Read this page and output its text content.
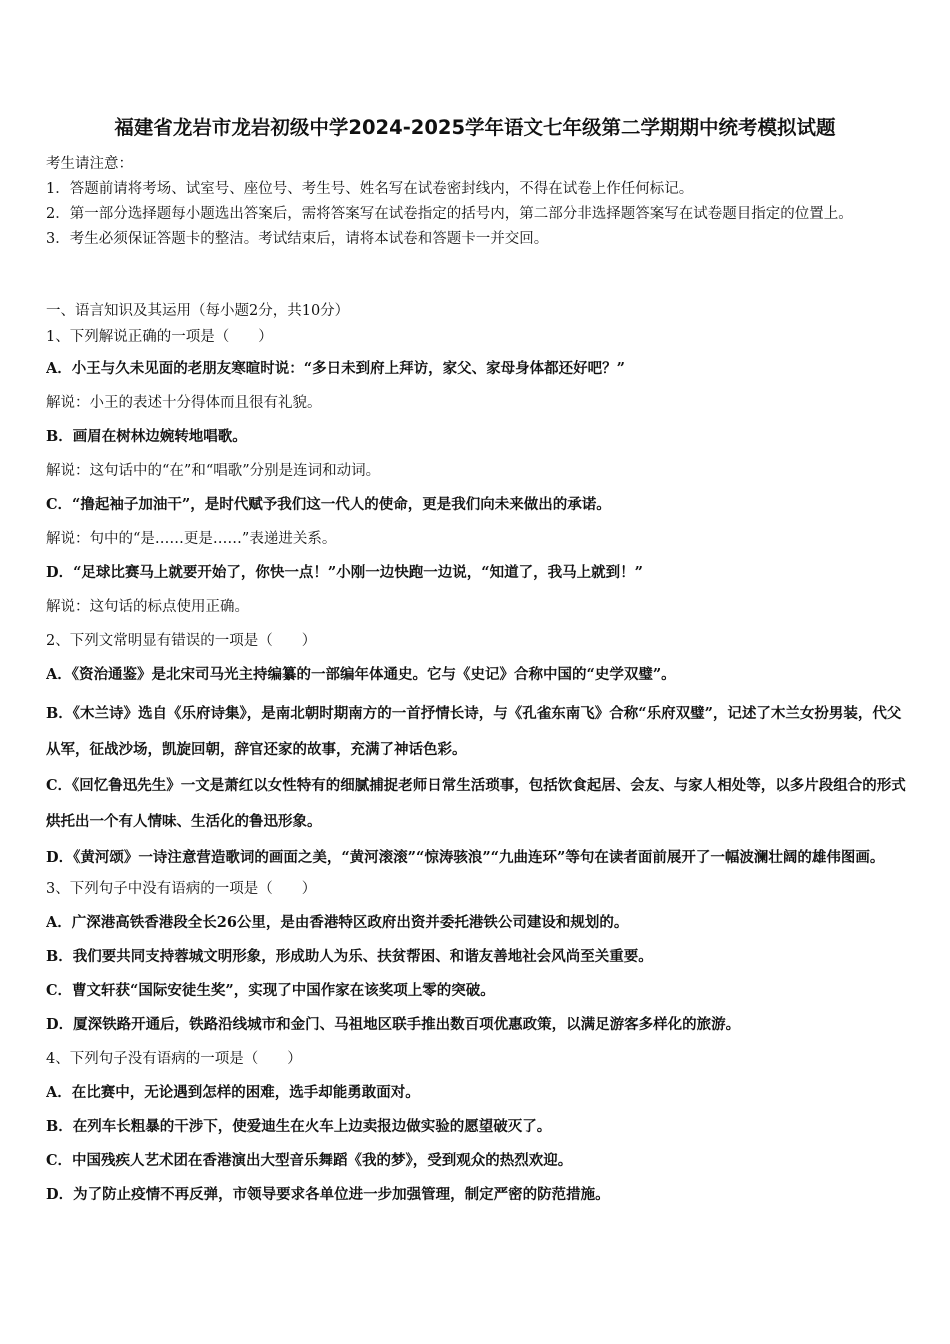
福建省龙岩市龙岩初级中学2024-2025学年语文七年级第二学期期中统考模拟试题

考生请注意：

1．答题前请将考场、试室号、座位号、考生号、姓名写在试卷密封线内，不得在试卷上作任何标记。

2．第一部分选择题每小题选出答案后，需将答案写在试卷指定的括号内，第二部分非选择题答案写在试卷题目指定的位置上。

3．考生必须保证答题卡的整洁。考试结束后，请将本试卷和答题卡一并交回。

一、语言知识及其运用（每小题2分，共10分）

1、下列解说正确的一项是（　　）

A．小王与久未见面的老朋友寒暄时说：“多日未到府上拜访，家父、家母身体都还好吧？”

解说：小王的表述十分得体而且很有礼貌。

B．画眉在树林边婉转地唱歌。

解说：这句话中的“在”和“唱歌”分别是连词和动词。

C．“撸起袖子加油干”，是时代赋予我们这一代人的使命，更是我们向未来做出的承诺。

解说：句中的“是……更是……”表递进关系。

D．“足球比赛马上就要开始了，你快一点！”小刚一边快跑一边说，“知道了，我马上就到！”

解说：这句话的标点使用正确。

2、下列文常明显有错误的一项是（　　）

A．《资治通鉴》是北宋司马光主持编纂的一部编年体通史。它与《史记》合称中国的“史学双璧”。

B．《木兰诗》选自《乐府诗集》，是南北朝时期南方的一首抒情长诗，与《孔雀东南飞》合称“乐府双璧”，记述了木兰女扮男装，代父从军，征战沙场，凯旋回朝，辞官还家的故事，充满了神话色彩。

C．《回忆鲁迅先生》一文是萧红以女性特有的细腻捕捉老师日常生活琐事，包括饮食起居、会友、与家人相处等，以多片段组合的形式烘托出一个有人情味、生活化的鲁迅形象。

D．《黄河颂》一诗注意营造歌词的画面之美，“黄河滚滚”“惊涛骇浪”“九曲连环”等句在读者面前展开了一幅波澜壮阔的雄伟图画。

3、下列句子中没有语病的一项是（　　）

A．广深港高铁香港段全长26公里，是由香港特区政府出资并委托港铁公司建设和规划的。

B．我们要共同支持蓉城文明形象，形成助人为乐、扶贫帮困、和谐友善地社会风尚至关重要。

C．曹文轩获“国际安徒生奖”，实现了中国作家在该奖项上零的突破。

D．厦深铁路开通后，铁路沿线城市和金门、马祖地区联手推出数百项优惠政策，以满足游客多样化的旅游。

4、下列句子没有语病的一项是（　　）

A．在比赛中，无论遇到怎样的困难，选手却能勇敢面对。

B．在列车长粗暴的干涉下，使爱迪生在火车上边卖报边做实验的愿望破灭了。

C．中国残疾人艺术团在香港演出大型音乐舞蹈《我的梦》，受到观众的热烈欢迎。

D．为了防止疫情不再反弹，市领导要求各单位进一步加强管理，制定严密的防范措施。
